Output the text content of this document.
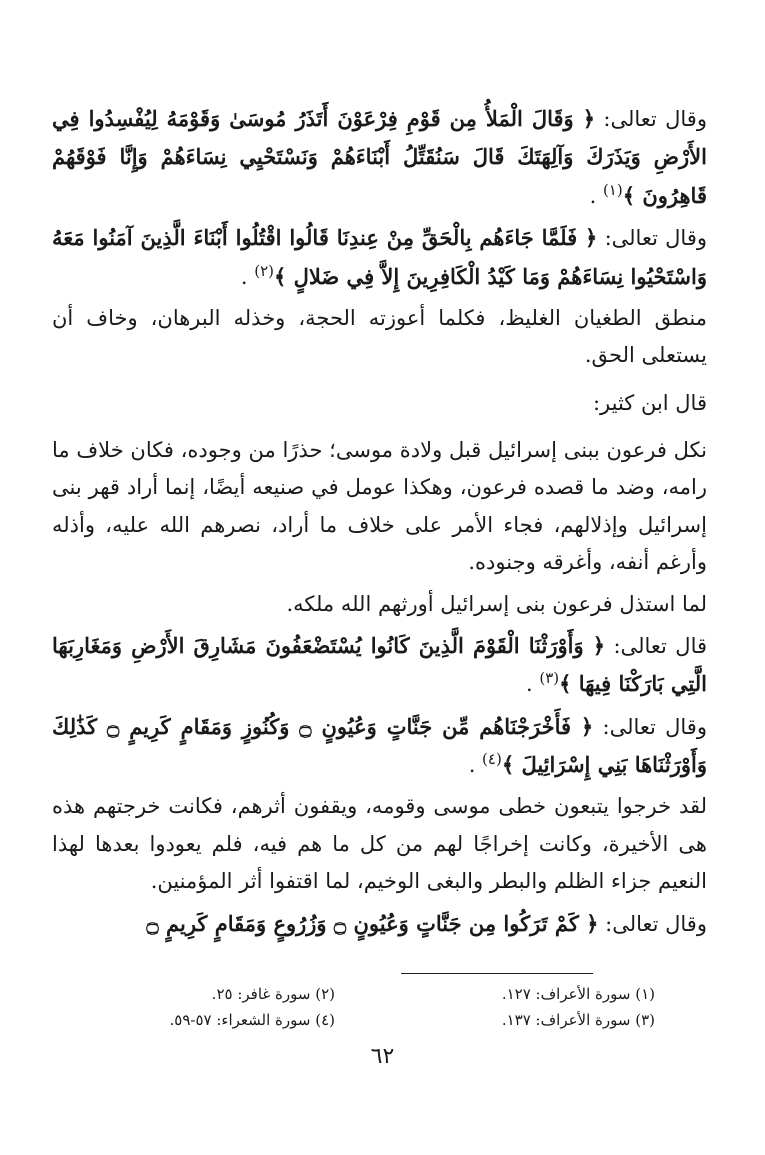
وقال تعالى: ﴿ وَقَالَ الْمَلأُ مِن قَوْمِ فِرْعَوْنَ أَتَذَرُ مُوسَىٰ وَقَوْمَهُ لِيُفْسِدُوا فِي الأَرْضِ وَيَذَرَكَ وَآلِهَتَكَ قَالَ سَنُقَتِّلُ أَبْنَاءَهُمْ وَنَسْتَحْيِي نِسَاءَهُمْ وَإِنَّا فَوْقَهُمْ قَاهِرُونَ ﴾$^{(١)}$ .

وقال تعالى: ﴿ فَلَمَّا جَاءَهُم بِالْحَقِّ مِنْ عِندِنَا قَالُوا اقْتُلُوا أَبْنَاءَ الَّذِينَ آمَنُوا مَعَهُ وَاسْتَحْيُوا نِسَاءَهُمْ وَمَا كَيْدُ الْكَافِرِينَ إِلاَّ فِي ضَلالٍ ﴾$^{(٢)}$ .

منطق الطغيان الغليظ، فكلما أعوزته الحجة، وخذله البرهان، وخاف أن يستعلى الحق.

قال ابن كثير:

نكل فرعون ببنى إسرائيل قبل ولادة موسى؛ حذرًا من وجوده، فكان خلاف ما رامه، وضد ما قصده فرعون، وهكذا عومل في صنيعه أيضًا، إنما أراد قهر بنى إسرائيل وإذلالهم، فجاء الأمر على خلاف ما أراد، نصرهم الله عليه، وأذله وأرغم أنفه، وأغرقه وجنوده.

لما استذل فرعون بنى إسرائيل أورثهم الله ملكه.

قال تعالى: ﴿ وَأَوْرَثْنَا الْقَوْمَ الَّذِينَ كَانُوا يُسْتَضْعَفُونَ مَشَارِقَ الأَرْضِ وَمَغَارِبَهَا الَّتِي بَارَكْنَا فِيهَا ﴾$^{(٣)}$ .

وقال تعالى: ﴿ فَأَخْرَجْنَاهُم مِّن جَنَّاتٍ وَعُيُونٍ ۝ وَكُنُوزٍ وَمَقَامٍ كَرِيمٍ ۝ كَذَٰلِكَ وَأَوْرَثْنَاهَا بَنِي إِسْرَائِيلَ ﴾$^{(٤)}$ .

لقد خرجوا يتبعون خطى موسى وقومه، ويقفون أثرهم، فكانت خرجتهم هذه هى الأخيرة، وكانت إخراجًا لهم من كل ما هم فيه، فلم يعودوا بعدها لهذا النعيم جزاء الظلم والبطر والبغى الوخيم، لما اقتفوا أثر المؤمنين.

وقال تعالى: ﴿ كَمْ تَرَكُوا مِن جَنَّاتٍ وَعُيُونٍ ۝ وَزُرُوعٍ وَمَقَامٍ كَرِيمٍ ۝

(١) سورة الأعراف: ١٢٧.
(٢) سورة غافر: ٢٥.
(٣) سورة الأعراف: ١٣٧.
(٤) سورة الشعراء: ٥٧-٥٩.
٦٢
